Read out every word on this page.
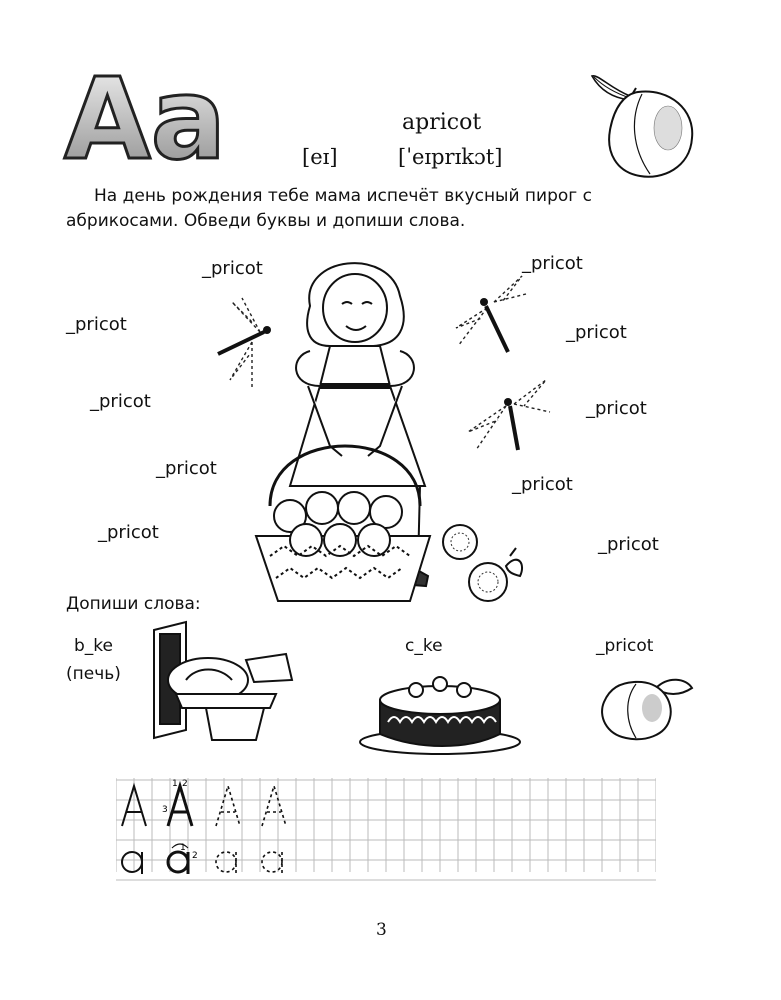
Aa	[eɪ]
apricot
[ˈeɪprɪkɔt]
На день рождения тебе мама испечёт вкусный пирог с
абрикосами. Обведи буквы и допиши слова.
_pricot	_pricot
_pricot	_pricot
_pricot	_pricot
_pricot
_pricot
_pricot
_pricot
Допиши слова:
b_ke
(печь)
c_ke	_pricot
1 2
3
1
2
3
